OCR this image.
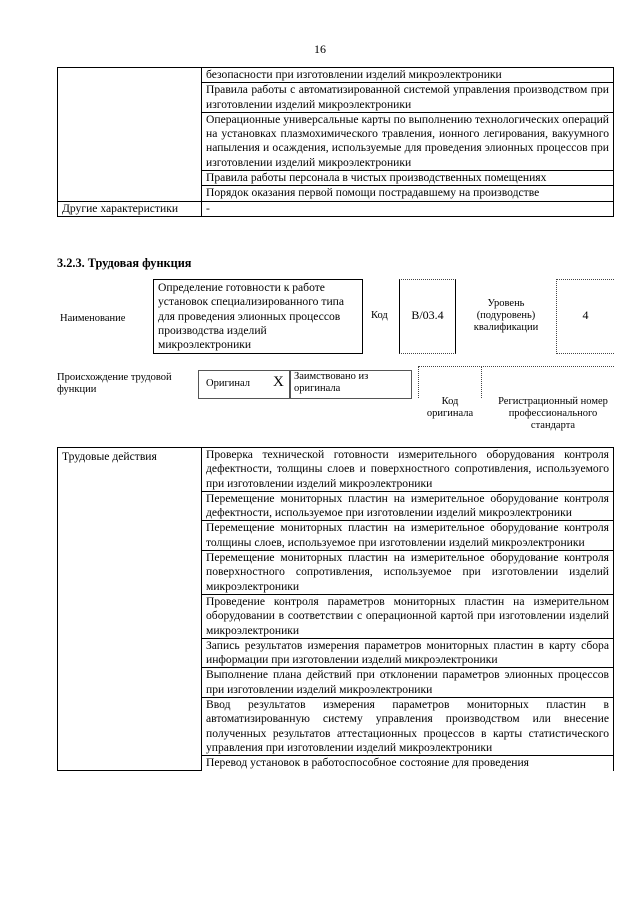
16
	безопасности при изготовлении изделий микроэлектроники
	Правила работы с автоматизированной системой управления производством при изготовлении изделий микроэлектроники
	Операционные универсальные карты по выполнению технологических операций на установках плазмохимического травления, ионного легирования, вакуумного напыления и осаждения, используемые для проведения элионных процессов при изготовлении изделий микроэлектроники
	Правила работы персонала в чистых производственных помещениях
	Порядок оказания первой помощи пострадавшему на производстве
Другие характеристики	-
3.2.3. Трудовая функция
Наименование
Определение готовности к работе установок специализированного типа для проведения элионных процессов производства изделий микроэлектроники
Код	B/03.4
Уровень (подуровень) квалификации
4
Происхождение трудовой функции
Оригинал X Заимствовано из оригинала
Код оригинала
Регистрационный номер профессионального стандарта
Трудовые действия	Проверка технической готовности измерительного оборудования контроля дефектности, толщины слоев и поверхностного сопротивления, используемого при изготовлении изделий микроэлектроники
Перемещение мониторных пластин на измерительное оборудование контроля дефектности, используемое при изготовлении изделий микроэлектроники
Перемещение мониторных пластин на измерительное оборудование контроля толщины слоев, используемое при изготовлении изделий микроэлектроники
Перемещение мониторных пластин на измерительное оборудование контроля поверхностного сопротивления, используемое при изготовлении изделий микроэлектроники
Проведение контроля параметров мониторных пластин на измерительном оборудовании в соответствии с операционной картой при изготовлении изделий микроэлектроники
Запись результатов измерения параметров мониторных пластин в карту сбора информации при изготовлении изделий микроэлектроники
Выполнение плана действий при отклонении параметров элионных процессов при изготовлении изделий микроэлектроники
Ввод результатов измерения параметров мониторных пластин в автоматизированную систему управления производством или внесение полученных результатов аттестационных процессов в карты статистического управления при изготовлении изделий микроэлектроники
Перевод установок в работоспособное состояние для проведения
